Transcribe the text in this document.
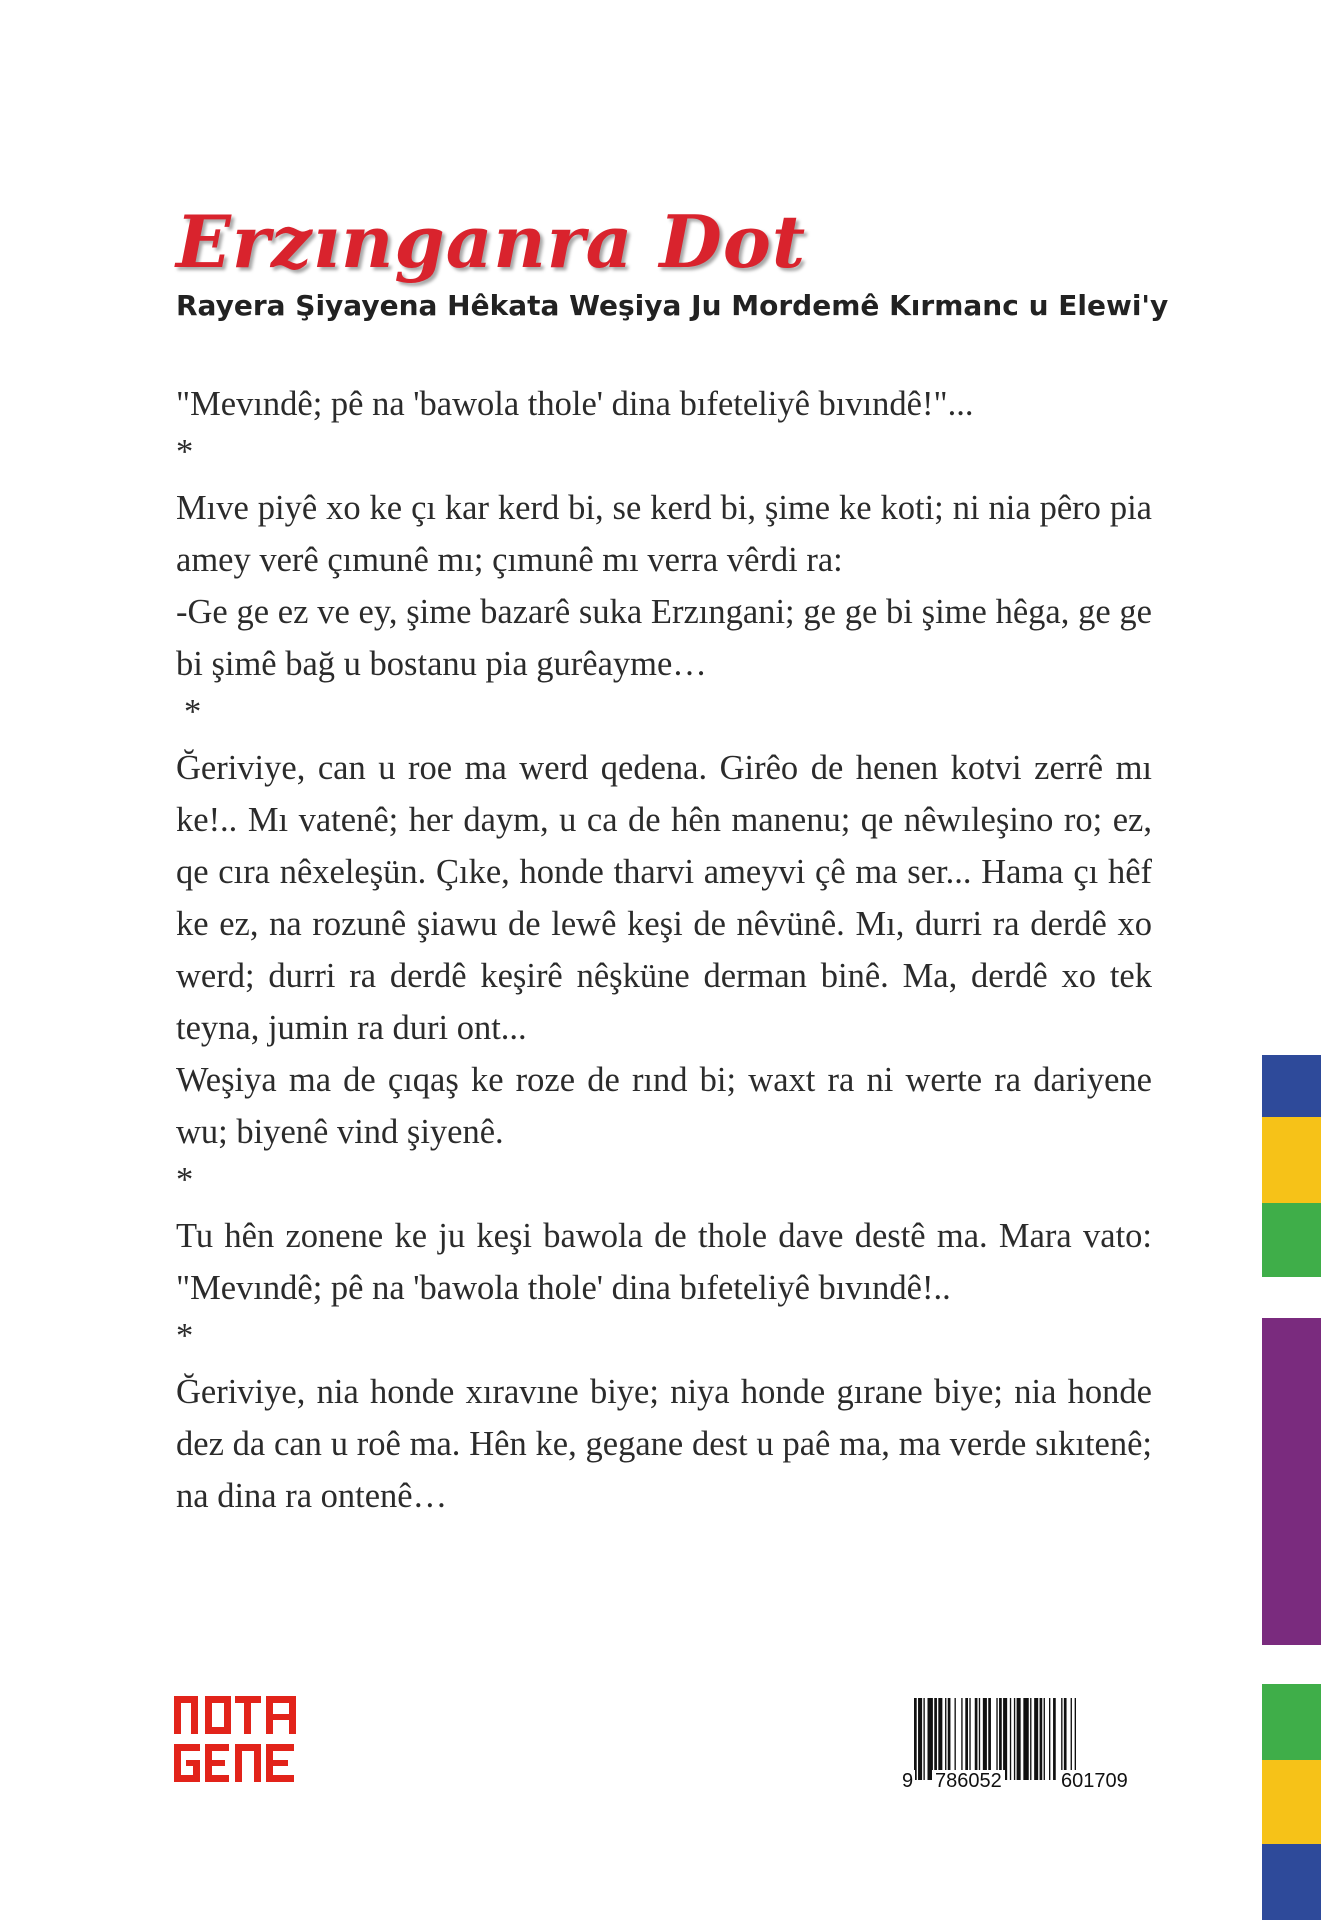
Erzınganra Dot
Rayera Şiyayena Hêkata Weşiya Ju Mordemê Kırmanc u Elewi'y

"Mevındê; pê na 'bawola thole' dina bıfeteliyê bıvındê!"...

*

Mıve piyê xo ke çı kar kerd bi, se kerd bi, şime ke koti; ni nia pêro pia amey verê çımunê mı; çımunê mı verra vêrdi ra:

-Ge ge ez ve ey, şime bazarê suka Erzıngani; ge ge bi şime hêga, ge ge bi şimê bağ u bostanu pia gurêayme…

*

Ğeriviye, can u roe ma werd qedena. Girêo de henen kotvi zerrê mı ke!.. Mı vatenê; her daym, u ca de hên manenu; qe nêwıleşino ro; ez, qe cıra nêxeleşün. Çıke, honde tharvi ameyvi çê ma ser... Hama çı hêf ke ez, na rozunê şiawu de lewê keşi de nêvünê. Mı, durri ra derdê xo werd; durri ra derdê keşirê nêşküne derman binê. Ma, derdê xo tek teyna, jumin ra duri ont...

Weşiya ma de çıqaş ke roze de rınd bi; waxt ra ni werte ra dariyene wu; biyenê vind şiyenê.

*

Tu hên zonene ke ju keşi bawola de thole dave destê ma. Mara vato: "Mevındê; pê na 'bawola thole' dina bıfeteliyê bıvındê!..

*

Ğeriviye, nia honde xıravıne biye; niya honde gırane biye; nia honde dez da can u roê ma. Hên ke, gegane dest u paê ma, ma verde sıkıtenê; na dina ra ontenê…

9 786052	601709
